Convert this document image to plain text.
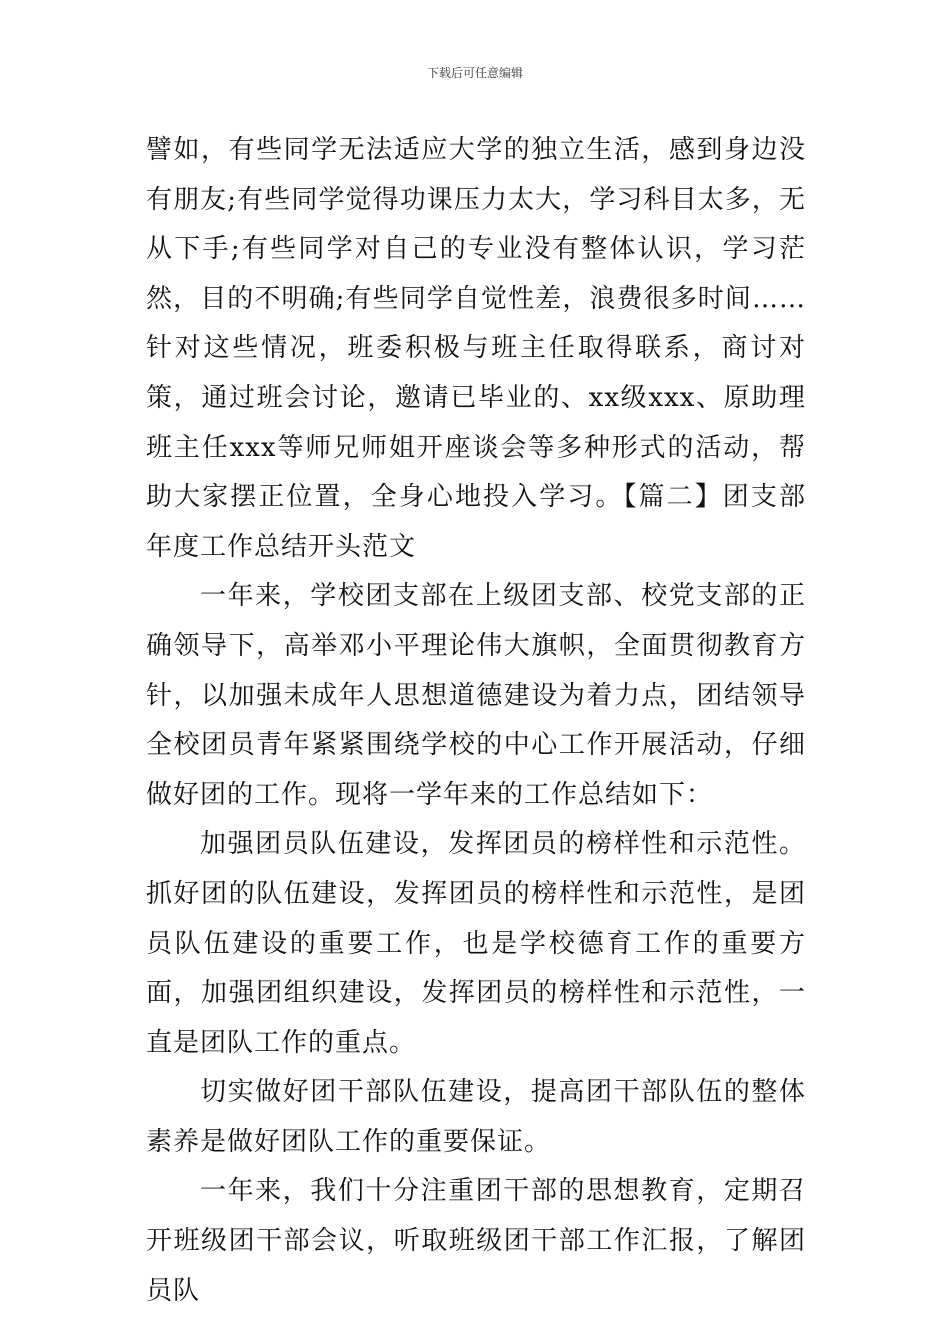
下载后可任意编辑

譬如，有些同学无法适应大学的独立生活，感到身边没有朋友;有些同学觉得功课压力太大，学习科目太多，无从下手;有些同学对自己的专业没有整体认识，学习茫然，目的不明确;有些同学自觉性差，浪费很多时间……针对这些情况，班委积极与班主任取得联系，商讨对策，通过班会讨论，邀请已毕业的、xx级xxx、原助理班主任xxx等师兄师姐开座谈会等多种形式的活动，帮助大家摆正位置，全身心地投入学习。【篇二】团支部年度工作总结开头范文

一年来，学校团支部在上级团支部、校党支部的正确领导下，高举邓小平理论伟大旗帜，全面贯彻教育方针，以加强未成年人思想道德建设为着力点，团结领导全校团员青年紧紧围绕学校的中心工作开展活动，仔细做好团的工作。现将一学年来的工作总结如下：

加强团员队伍建设，发挥团员的榜样性和示范性。抓好团的队伍建设，发挥团员的榜样性和示范性，是团员队伍建设的重要工作，也是学校德育工作的重要方面，加强团组织建设，发挥团员的榜样性和示范性，一直是团队工作的重点。

切实做好团干部队伍建设，提高团干部队伍的整体素养是做好团队工作的重要保证。

一年来，我们十分注重团干部的思想教育，定期召开班级团干部会议，听取班级团干部工作汇报，了解团员队
